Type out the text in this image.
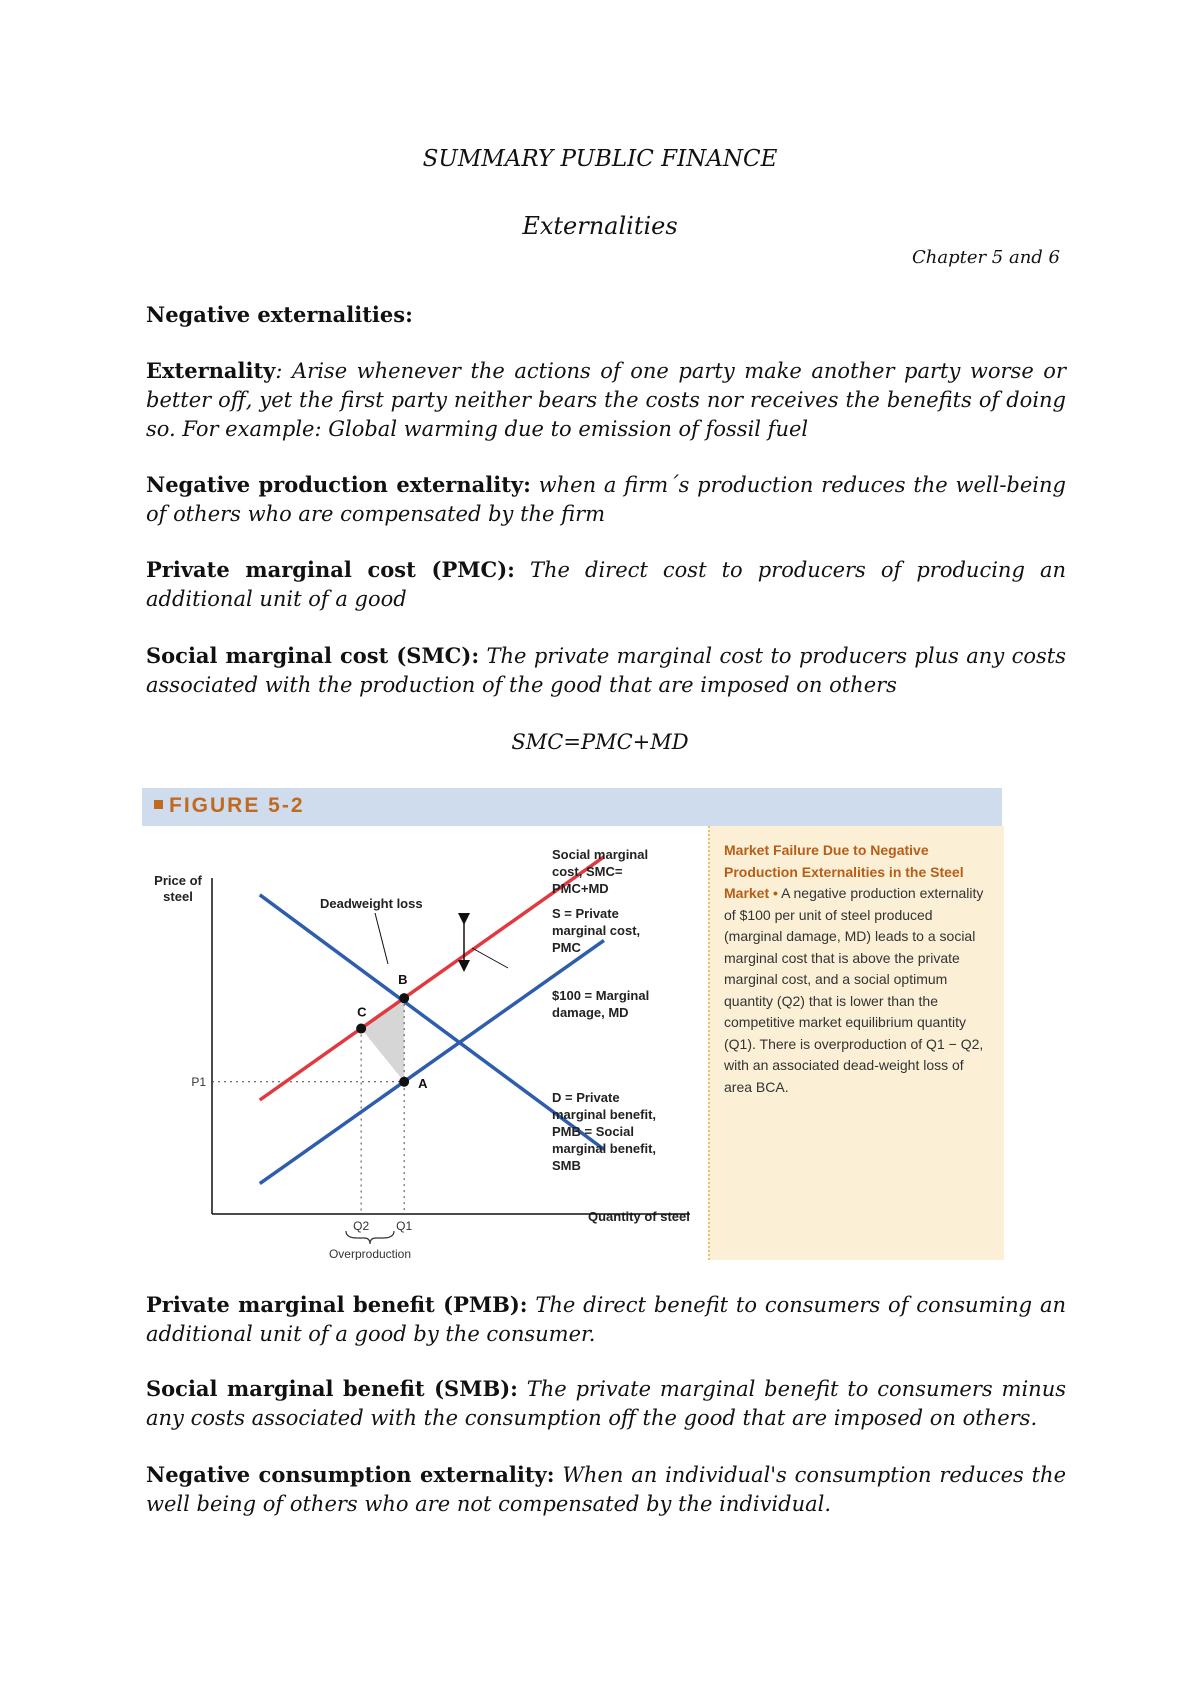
SUMMARY PUBLIC FINANCE
Externalities
Chapter 5 and 6
Negative externalities:
Externality: Arise whenever the actions of one party make another party worse or better off, yet the first party neither bears the costs nor receives the benefits of doing so. For example: Global warming due to emission of fossil fuel
Negative production externality: when a firm´s production reduces the well-being of others who are compensated by the firm
Private marginal cost (PMC): The direct cost to producers of producing an additional unit of a good
Social marginal cost (SMC): The private marginal cost to producers plus any costs associated with the production of the good that are imposed on others
SMC=PMC+MD
FIGURE 5-2
Price of
steel
Quantity of steel
A
B
C
P1
Q2 Q1
Overproduction
Deadweight loss
Social marginal
cost, SMC=
PMC+MD
S = Private
marginal cost,
PMC
$100 = Marginal
damage, MD
D = Private
marginal benefit,
PMB = Social
marginal benefit,
SMB
Market Failure Due to Negative Production Externalities in the Steel Market • A negative production externality of $100 per unit of steel produced (marginal damage, MD) leads to a social marginal cost that is above the private marginal cost, and a social optimum quantity (Q2) that is lower than the competitive market equilibrium quantity (Q1). There is overproduction of Q1 − Q2, with an associated dead-weight loss of area BCA.
Private marginal benefit (PMB): The direct benefit to consumers of consuming an additional unit of a good by the consumer.
Social marginal benefit (SMB): The private marginal benefit to consumers minus any costs associated with the consumption off the good that are imposed on others.
Negative consumption externality: When an individual's consumption reduces the well being of others who are not compensated by the individual.
